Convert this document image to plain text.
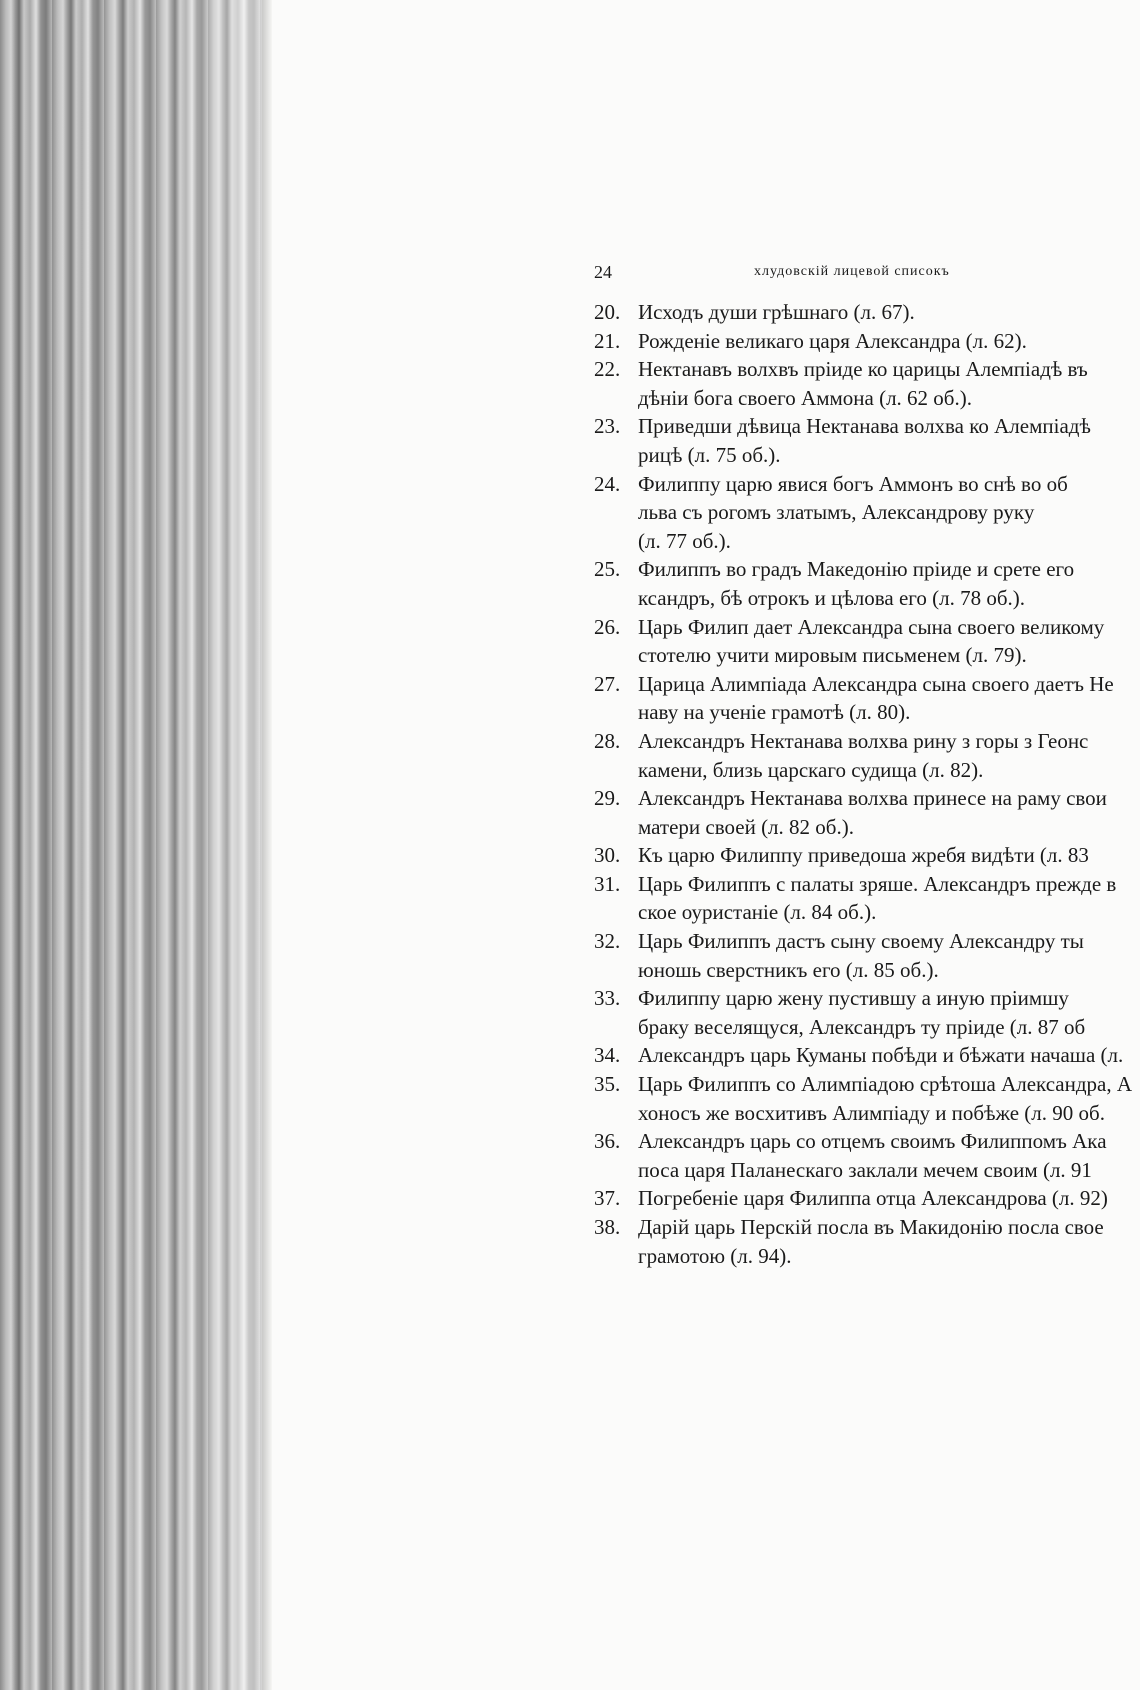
24	хлудовскій лицевой списокъ
20. Исходъ души грѣшнаго (л. 67).
21. Рожденіе великаго царя Александра (л. 62).
22. Нектанавъ волхвъ пріиде ко царицы Алемпіадѣ въ
дѣніи бога своего Аммона (л. 62 об.).
23. Приведши дѣвица Нектанава волхва ко Алемпіадѣ
рицѣ (л. 75 об.).
24. Филиппу царю явися богъ Аммонъ во снѣ во об
льва съ рогомъ златымъ, Александрову руку
(л. 77 об.).
25. Филиппъ во градъ Македонію пріиде и срете его
ксандръ, бѣ отрокъ и цѣлова его (л. 78 об.).
26. Царь Филип дает Александра сына своего великому
стотелю учити мировым письменем (л. 79).
27. Царица Алимпіада Александра сына своего даетъ Не
наву на ученіе грамотѣ (л. 80).
28. Александръ Нектанава волхва рину з горы з Геонс
камени, близь царскаго судища (л. 82).
29. Александръ Нектанава волхва принесе на раму свои
матери своей (л. 82 об.).
30. Къ царю Филиппу приведоша жребя видѣти (л. 83
31. Царь Филиппъ с палаты зряше. Александръ прежде в
ское оуристаніе (л. 84 об.).
32. Царь Филиппъ дастъ сыну своему Александру ты
юношь сверстникъ его (л. 85 об.).
33. Филиппу царю жену пустившу а иную пріимшу
браку веселящуся, Александръ ту пріиде (л. 87 об
34. Александръ царь Куманы побѣди и бѣжати начаша (л.
35. Царь Филиппъ со Алимпіадою срѣтоша Александра, А
хоносъ же восхитивъ Алимпіаду и побѣже (л. 90 об.
36. Александръ царь со отцемъ своимъ Филиппомъ Ака
поса царя Паланескаго заклали мечем своим (л. 91
37. Погребеніе царя Филиппа отца Александрова (л. 92)
38. Дарій царь Перскій посла въ Макидонію посла свое
грамотою (л. 94).
